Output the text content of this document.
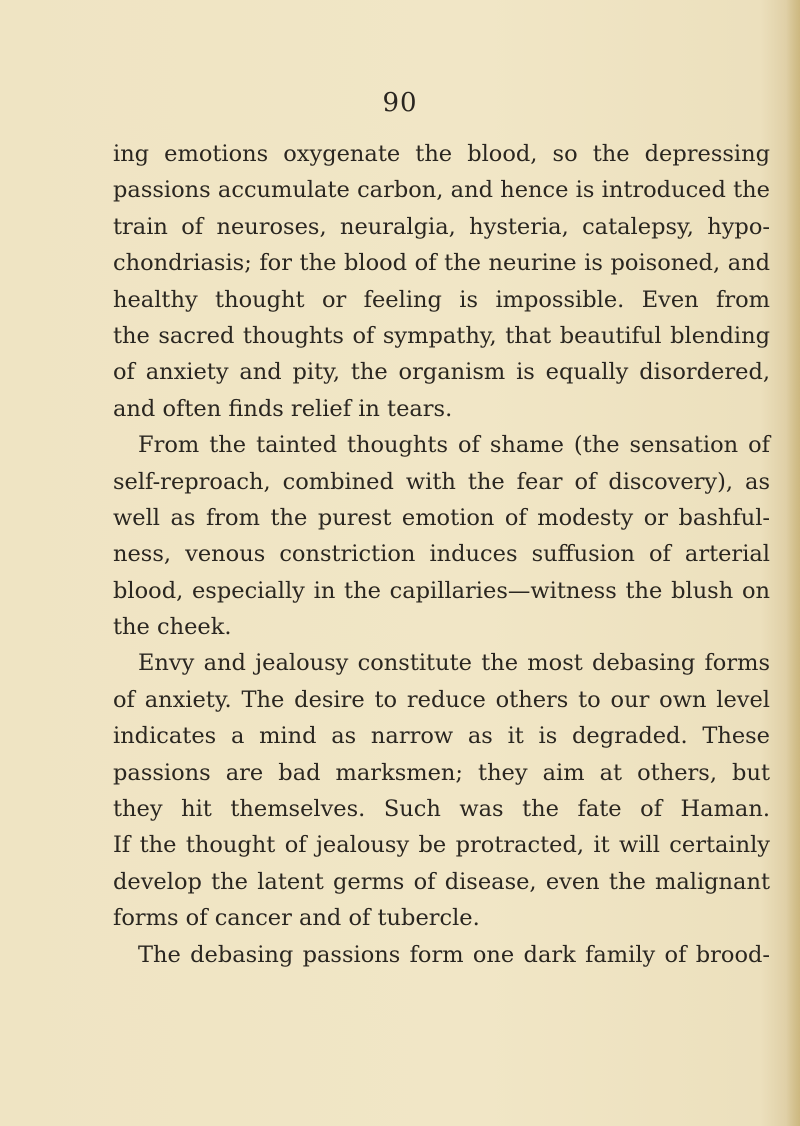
90
ing emotions oxygenate the blood, so the depressing
passions accumulate carbon, and hence is introduced the
train of neuroses, neuralgia, hysteria, catalepsy, hypo-
chondriasis; for the blood of the neurine is poisoned, and
healthy thought or feeling is impossible. Even from
the sacred thoughts of sympathy, that beautiful blending
of anxiety and pity, the organism is equally disordered,
and often finds relief in tears.
From the tainted thoughts of shame (the sensation of
self-reproach, combined with the fear of discovery), as
well as from the purest emotion of modesty or bashful-
ness, venous constriction induces suffusion of arterial
blood, especially in the capillaries—witness the blush on
the cheek.
Envy and jealousy constitute the most debasing forms
of anxiety. The desire to reduce others to our own level
indicates a mind as narrow as it is degraded. These
passions are bad marksmen; they aim at others, but
they hit themselves. Such was the fate of Haman.
If the thought of jealousy be protracted, it will certainly
develop the latent germs of disease, even the malignant
forms of cancer and of tubercle.
The debasing passions form one dark family of brood-
